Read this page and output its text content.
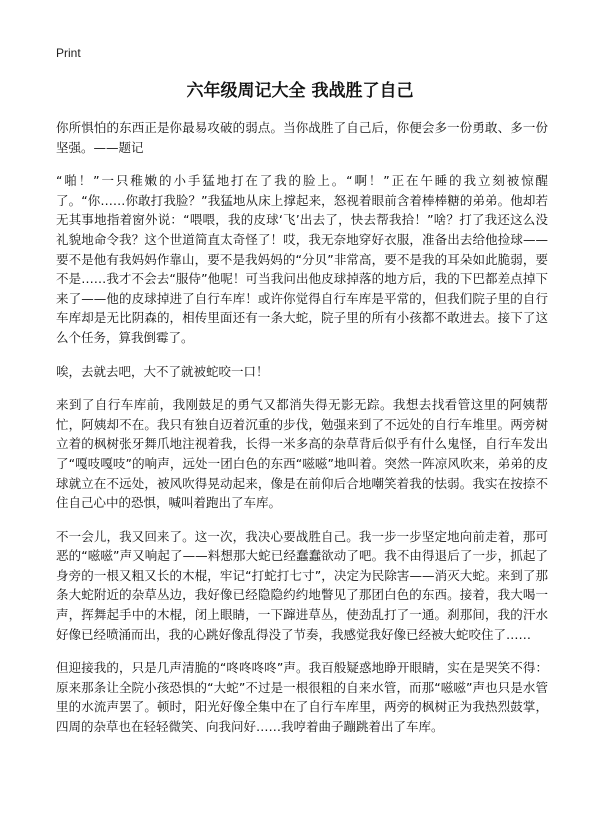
Print
六年级周记大全 我战胜了自己

你所惧怕的东西正是你最易攻破的弱点。当你战胜了自己后，你便会多一份勇敢、多一份坚强。——题记

“啪！”一只稚嫩的小手猛地打在了我的脸上。“啊！”正在午睡的我立刻被惊醒了。“你……你敢打我脸？”我猛地从床上撑起来，怒视着眼前含着棒棒糖的弟弟。他却若无其事地指着窗外说：“喂喂，我的皮球‘飞’出去了，快去帮我拾！”啥？打了我还这么没礼貌地命令我？这个世道简直太奇怪了！哎，我无奈地穿好衣服，准备出去给他捡球——要不是他有我妈妈作靠山，要不是我妈妈的“分贝”非常高，要不是我的耳朵如此脆弱，要不是……我才不会去“服侍”他呢！可当我问出他皮球掉落的地方后，我的下巴都差点掉下来了——他的皮球掉进了自行车库！或许你觉得自行车库是平常的，但我们院子里的自行车库却是无比阴森的，相传里面还有一条大蛇，院子里的所有小孩都不敢进去。接下了这么个任务，算我倒霉了。

唉，去就去吧，大不了就被蛇咬一口！

来到了自行车库前，我刚鼓足的勇气又都消失得无影无踪。我想去找看管这里的阿姨帮忙，阿姨却不在。我只有独自迈着沉重的步伐，勉强来到了不远处的自行车堆里。两旁树立着的枫树张牙舞爪地注视着我，长得一米多高的杂草背后似乎有什么鬼怪，自行车发出了“嘎吱嘎吱”的响声，远处一团白色的东西“嗞嗞”地叫着。突然一阵凉风吹来，弟弟的皮球就立在不远处，被风吹得晃动起来，像是在前仰后合地嘲笑着我的怯弱。我实在按捺不住自己心中的恐惧，喊叫着跑出了车库。

不一会儿，我又回来了。这一次，我决心要战胜自己。我一步一步坚定地向前走着，那可恶的“嗞嗞”声又响起了——料想那大蛇已经蠢蠢欲动了吧。我不由得退后了一步，抓起了身旁的一根又粗又长的木棍，牢记“打蛇打七寸”，决定为民除害——消灭大蛇。来到了那条大蛇附近的杂草丛边，我好像已经隐隐约约地瞥见了那团白色的东西。接着，我大喝一声，挥舞起手中的木棍，闭上眼睛，一下蹿进草丛，使劲乱打了一通。刹那间，我的汗水好像已经喷涌而出，我的心跳好像乱得没了节奏，我感觉我好像已经被大蛇咬住了……

但迎接我的，只是几声清脆的“咚咚咚咚”声。我百般疑惑地睁开眼睛，实在是哭笑不得：原来那条让全院小孩恐惧的“大蛇”不过是一根很粗的自来水管，而那“嗞嗞”声也只是水管里的水流声罢了。顿时，阳光好像全集中在了自行车库里，两旁的枫树正为我热烈鼓掌，四周的杂草也在轻轻微笑、向我问好……我哼着曲子蹦跳着出了车库。
